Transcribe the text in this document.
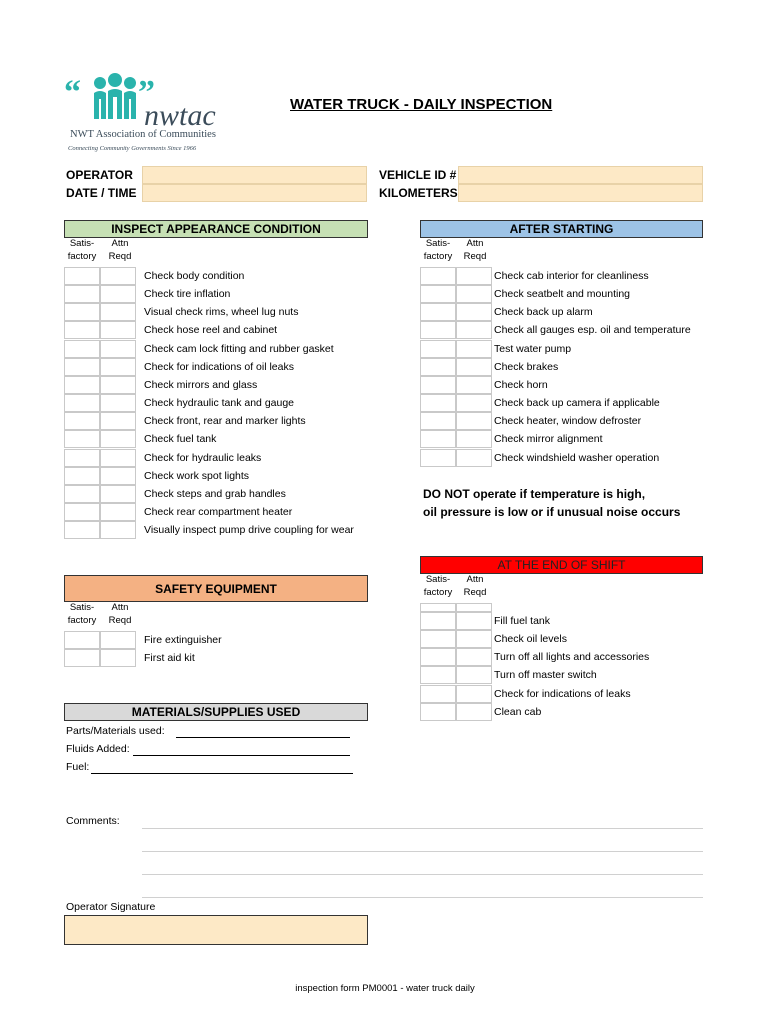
“ ”
nwtac
NWT Association of Communities
Connecting Community Governments Since 1966
WATER TRUCK - DAILY INSPECTION
OPERATOR
DATE / TIME
VEHICLE ID #
KILOMETERS
INSPECT APPEARANCE CONDITION
Satis-
factory
Attn
Reqd
Check body condition
Check tire inflation
Visual check rims, wheel lug nuts
Check hose reel and cabinet
Check cam lock fitting and rubber gasket
Check for indications of oil leaks
Check mirrors and glass
Check hydraulic tank and gauge
Check front, rear and marker lights
Check fuel tank
Check for hydraulic leaks
Check work spot lights
Check steps and grab handles
Check rear compartment heater
Visually inspect pump drive coupling for wear
AFTER STARTING
Satis-
factory
Attn
Reqd
Check cab interior for cleanliness
Check seatbelt and mounting
Check back up alarm
Check all gauges esp. oil and temperature
Test water pump
Check brakes
Check horn
Check back up camera if applicable
Check heater, window defroster
Check mirror alignment
Check windshield washer operation
DO NOT operate if temperature is high,
oil pressure is low or if unusual noise occurs
AT THE END OF SHIFT
Satis-
factory
Attn
Reqd
Fill fuel tank
Check oil levels
Turn off all lights and accessories
Turn off master switch
Check for indications of leaks
Clean cab
SAFETY EQUIPMENT
Satis-
factory
Attn
Reqd
Fire extinguisher
First aid kit
MATERIALS/SUPPLIES USED
Parts/Materials used:
Fluids Added:
Fuel:
Comments:
Operator Signature
inspection form PM0001 - water truck daily
